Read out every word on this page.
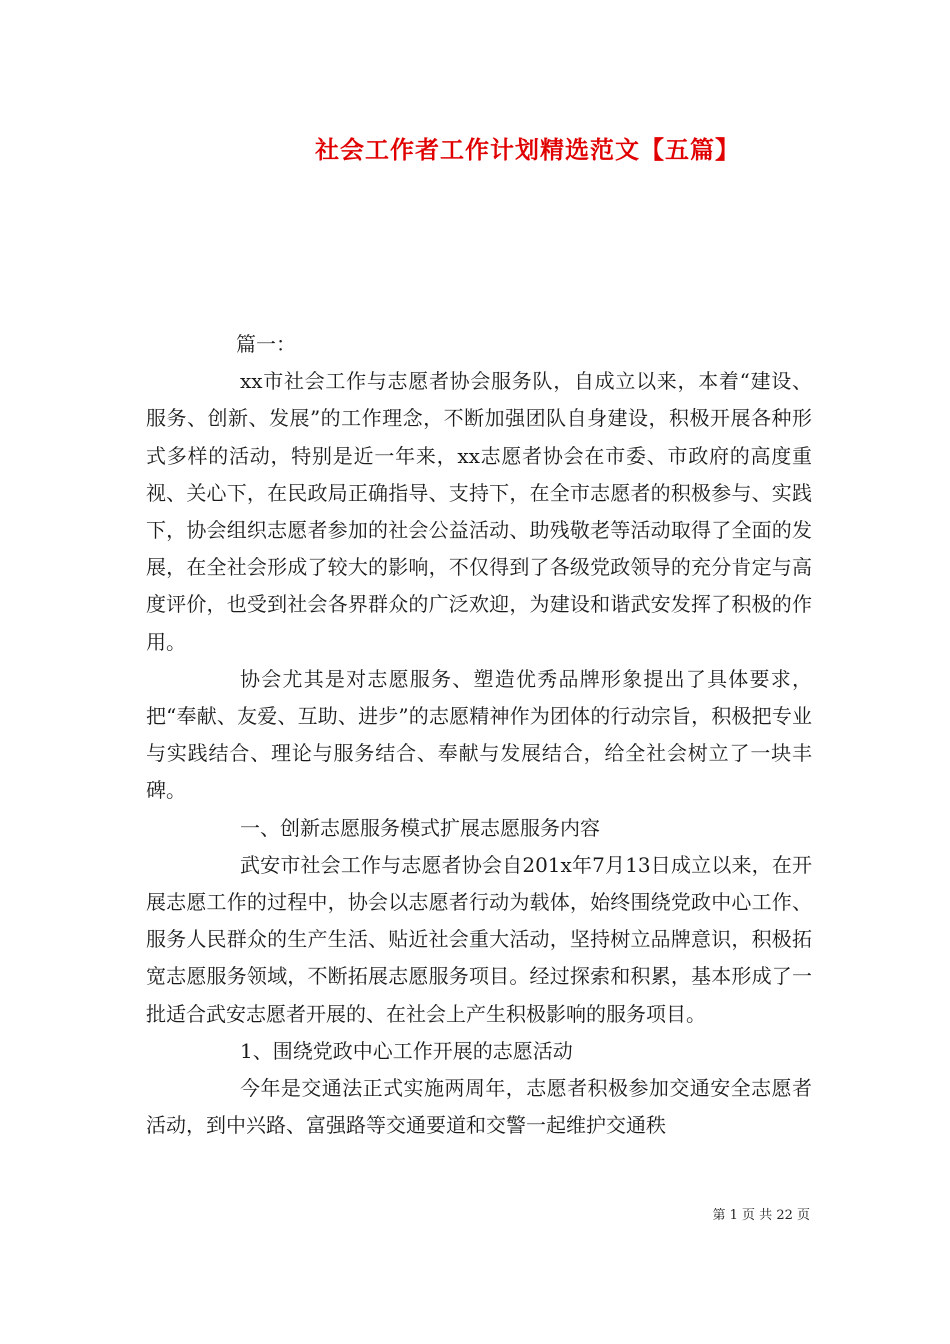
社会工作者工作计划精选范文【五篇】

篇一：

xx市社会工作与志愿者协会服务队，自成立以来，本着“建设、服务、创新、发展”的工作理念，不断加强团队自身建设，积极开展各种形式多样的活动，特别是近一年来，xx志愿者协会在市委、市政府的高度重视、关心下，在民政局正确指导、支持下，在全市志愿者的积极参与、实践下，协会组织志愿者参加的社会公益活动、助残敬老等活动取得了全面的发展，在全社会形成了较大的影响，不仅得到了各级党政领导的充分肯定与高度评价，也受到社会各界群众的广泛欢迎，为建设和谐武安发挥了积极的作用。

协会尤其是对志愿服务、塑造优秀品牌形象提出了具体要求，把“奉献、友爱、互助、进步”的志愿精神作为团体的行动宗旨，积极把专业与实践结合、理论与服务结合、奉献与发展结合，给全社会树立了一块丰碑。

一、创新志愿服务模式扩展志愿服务内容

武安市社会工作与志愿者协会自201x年7月13日成立以来，在开展志愿工作的过程中，协会以志愿者行动为载体，始终围绕党政中心工作、服务人民群众的生产生活、贴近社会重大活动，坚持树立品牌意识，积极拓宽志愿服务领域，不断拓展志愿服务项目。经过探索和积累，基本形成了一批适合武安志愿者开展的、在社会上产生积极影响的服务项目。

1、围绕党政中心工作开展的志愿活动

今年是交通法正式实施两周年，志愿者积极参加交通安全志愿者活动，到中兴路、富强路等交通要道和交警一起维护交通秩

第 1 页 共 22 页
